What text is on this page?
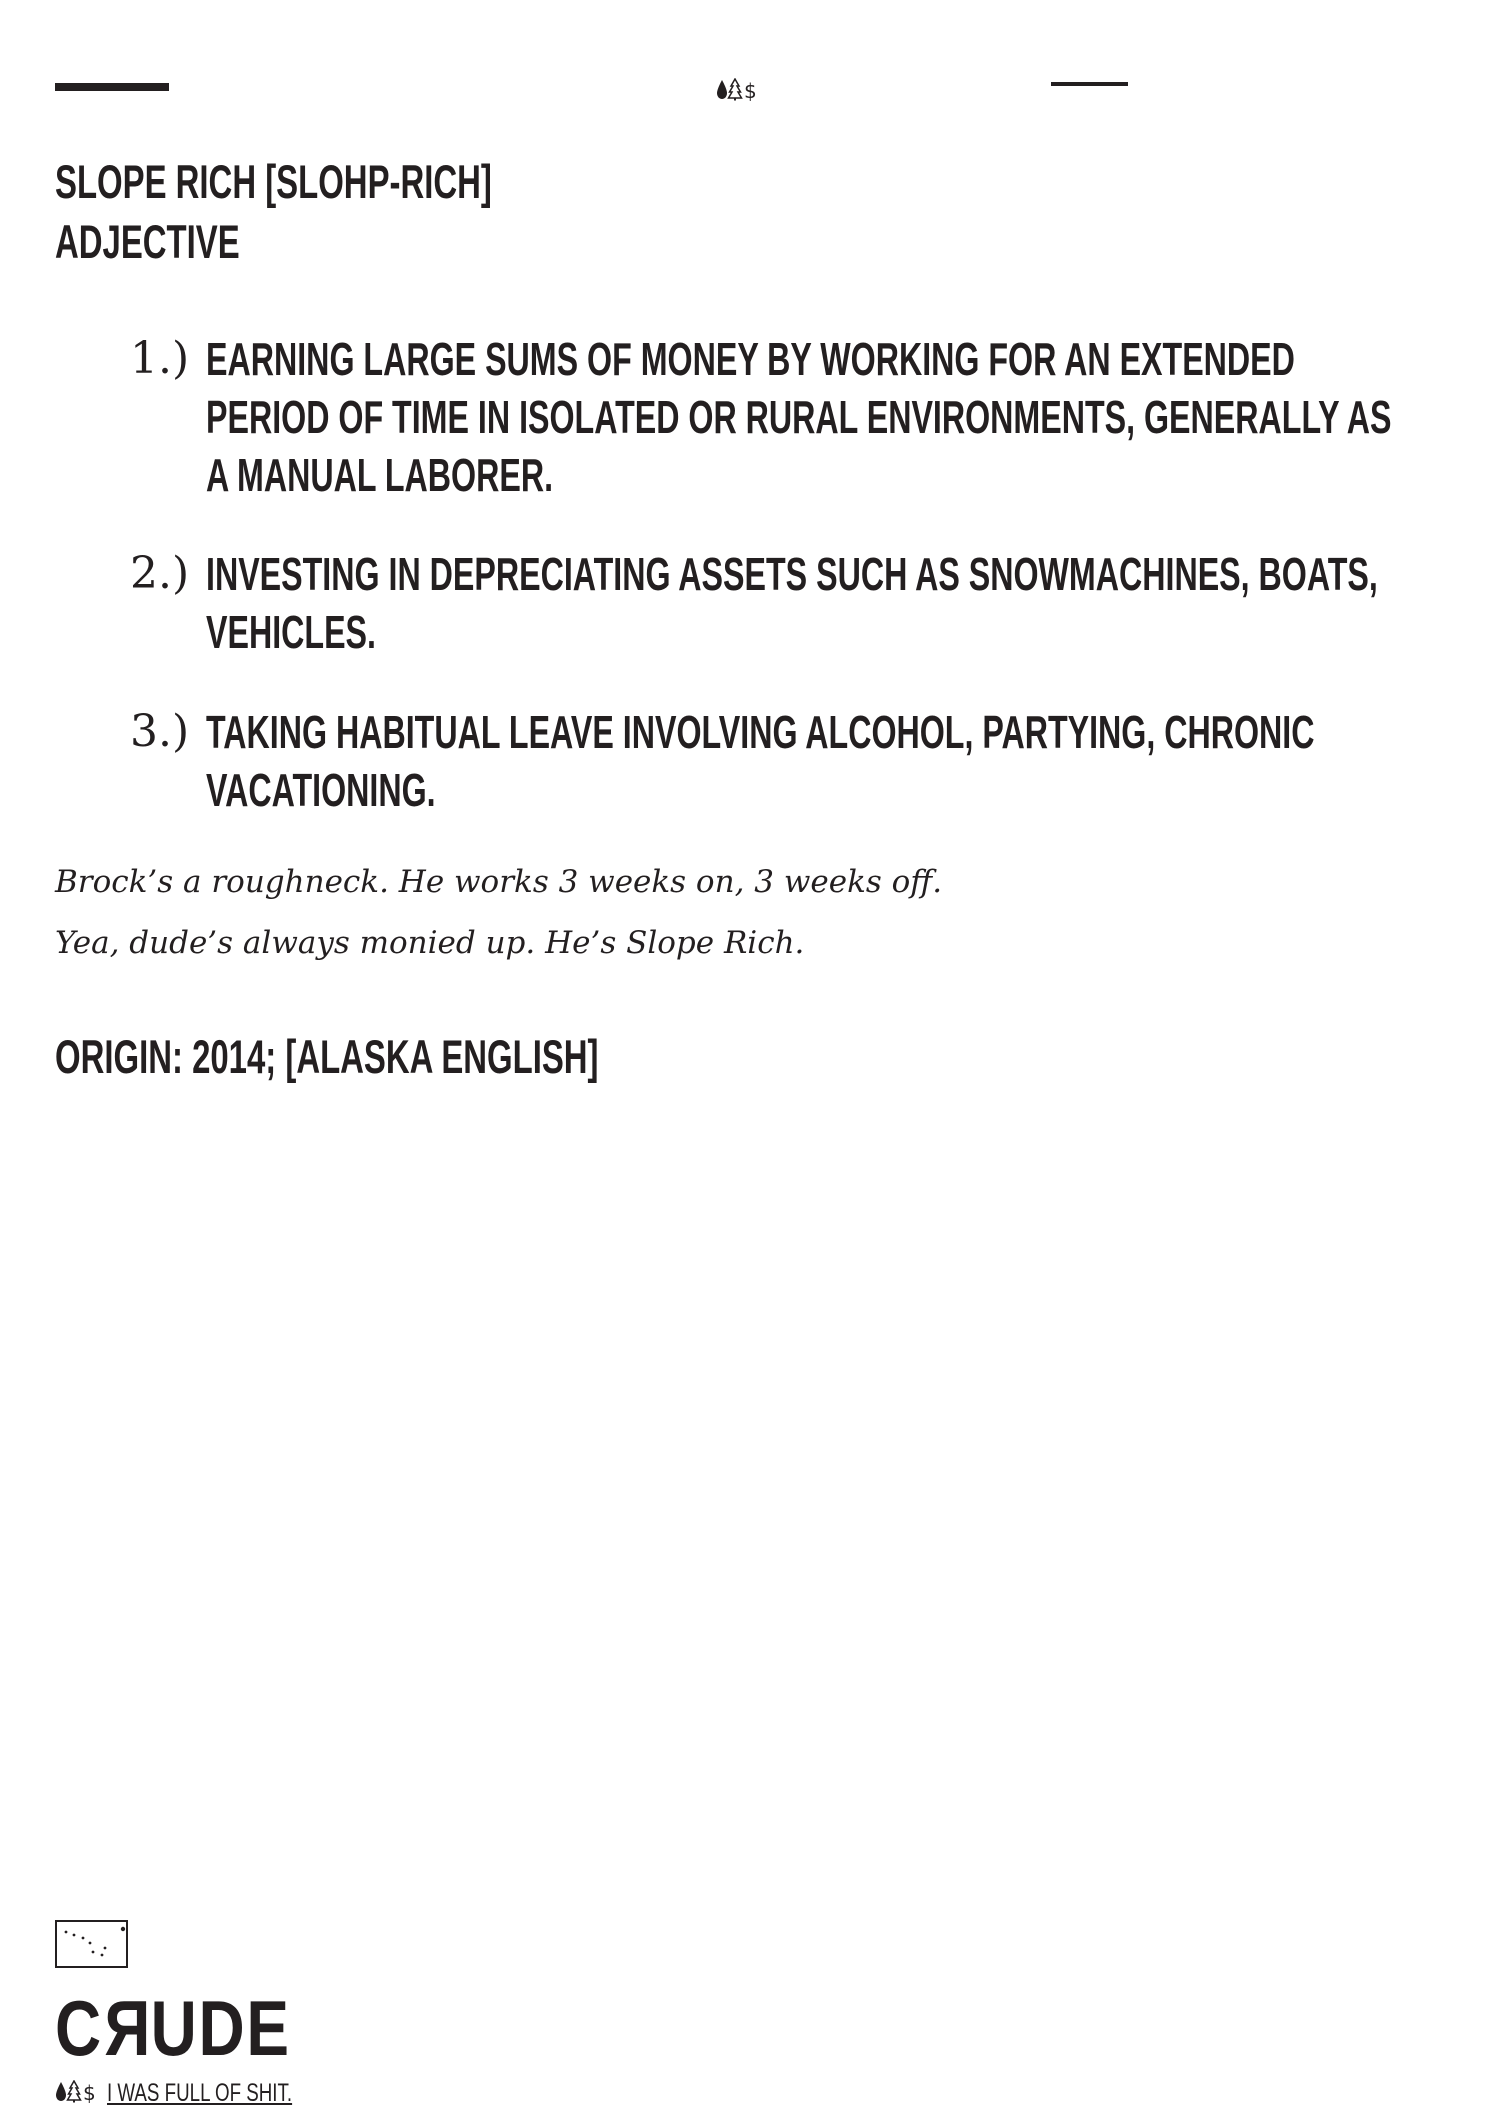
$
SLOPE RICH [SLOHP-RICH]
ADJECTIVE
1.) EARNING LARGE SUMS OF MONEY BY WORKING FOR AN EXTENDED
PERIOD OF TIME IN ISOLATED OR RURAL ENVIRONMENTS, GENERALLY AS
A MANUAL LABORER.
2.) INVESTING IN DEPRECIATING ASSETS SUCH AS SNOWMACHINES, BOATS,
VEHICLES.
3.) TAKING HABITUAL LEAVE INVOLVING ALCOHOL, PARTYING, CHRONIC
VACATIONING.
Brock’s a roughneck. He works 3 weeks on, 3 weeks off.
Yea, dude’s always monied up. He’s Slope Rich.
ORIGIN: 2014; [ALASKA ENGLISH]
CRUDE
$ I WAS FULL OF SHIT.
